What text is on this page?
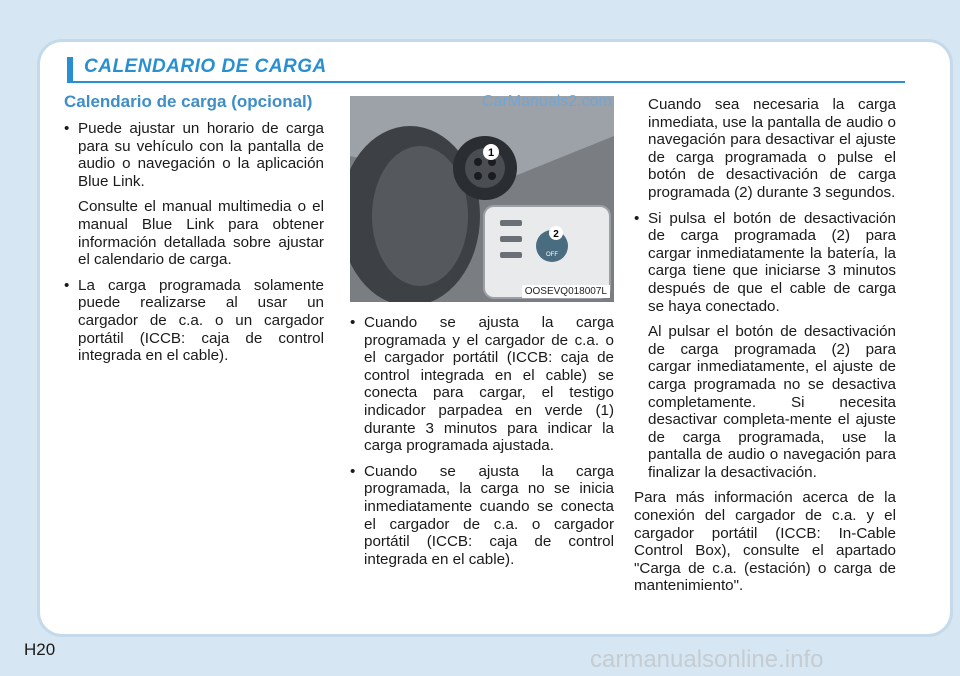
CALENDARIO DE CARGA
Calendario de carga (opcional)

• Puede ajustar un horario de carga para su vehículo con la pantalla de audio o navegación o la aplicación Blue Link.

Consulte el manual multimedia o el manual Blue Link para obtener información detallada sobre ajustar el calendario de carga.

• La carga programada solamente puede realizarse al usar un cargador de c.a. o un cargador portátil (ICCB: caja de control integrada en el cable).

1
2
OFF
OOSEVQ018007L
CarManuals2.com

• Cuando se ajusta la carga programada y el cargador de c.a. o el cargador portátil (ICCB: caja de control integrada en el cable) se conecta para cargar, el testigo indicador parpadea en verde (1) durante 3 minutos para indicar la carga programada ajustada.

• Cuando se ajusta la carga programada, la carga no se inicia inmediatamente cuando se conecta el cargador de c.a. o cargador portátil (ICCB: caja de control integrada en el cable).

Cuando sea necesaria la carga inmediata, use la pantalla de audio o navegación para desactivar el ajuste de carga programada o pulse el botón de desactivación de carga programada (2) durante 3 segundos.

• Si pulsa el botón de desactivación de carga programada (2) para cargar inmediatamente la batería, la carga tiene que iniciarse 3 minutos después de que el cable de carga se haya conectado.

Al pulsar el botón de desactivación de carga programada (2) para cargar inmediatamente, el ajuste de carga programada no se desactiva completamente. Si necesita desactivar completa-mente el ajuste de carga programada, use la pantalla de audio o navegación para finalizar la desactivación.

Para más información acerca de la conexión del cargador de c.a. y el cargador portátil (ICCB: In-Cable Control Box), consulte el apartado "Carga de c.a. (estación) o carga de mantenimiento".

H20	carmanualsonline.info
